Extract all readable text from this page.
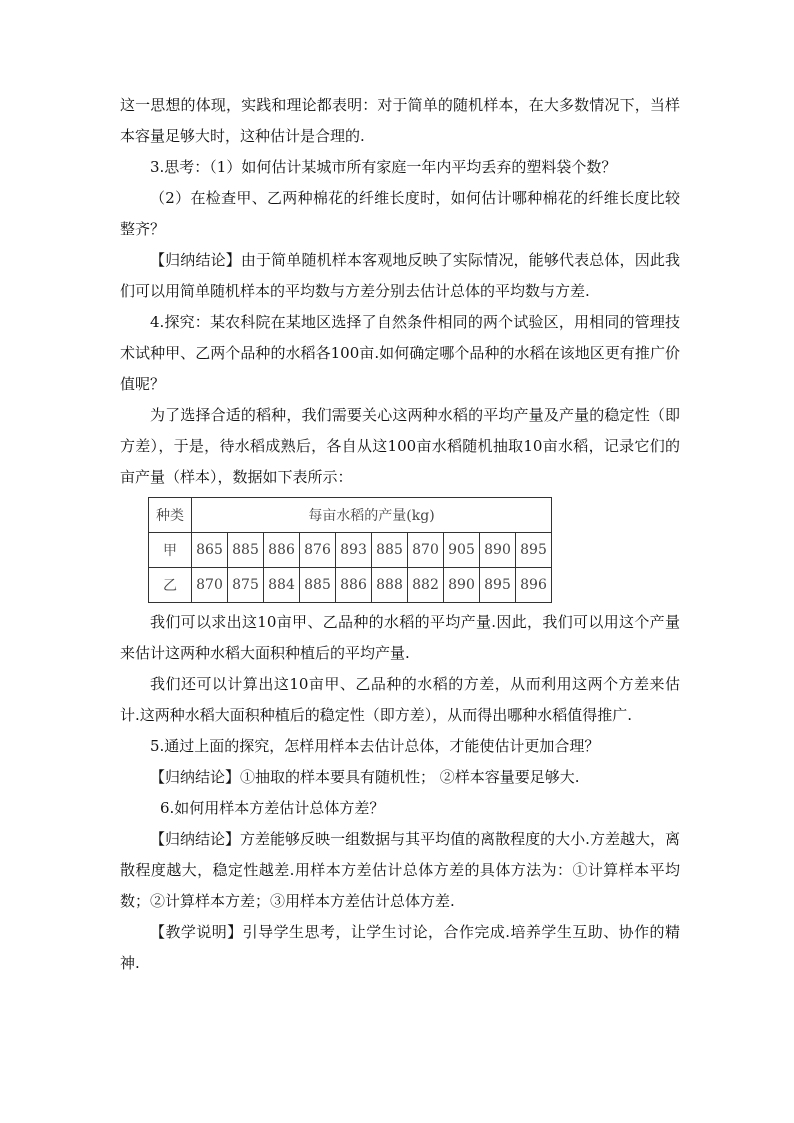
这一思想的体现，实践和理论都表明：对于简单的随机样本，在大多数情况下，当样本容量足够大时，这种估计是合理的.

3.思考：（1）如何估计某城市所有家庭一年内平均丢弃的塑料袋个数？

（2）在检查甲、乙两种棉花的纤维长度时，如何估计哪种棉花的纤维长度比较整齐？

【归纳结论】由于简单随机样本客观地反映了实际情况，能够代表总体，因此我们可以用简单随机样本的平均数与方差分别去估计总体的平均数与方差.

4.探究：某农科院在某地区选择了自然条件相同的两个试验区，用相同的管理技术试种甲、乙两个品种的水稻各100亩.如何确定哪个品种的水稻在该地区更有推广价值呢？

为了选择合适的稻种，我们需要关心这两种水稻的平均产量及产量的稳定性（即方差），于是，待水稻成熟后，各自从这100亩水稻随机抽取10亩水稻，记录它们的亩产量（样本），数据如下表所示：

种类	每亩水稻的产量(kg)									
甲	865	885	886	876	893	885	870	905	890	895
乙	870	875	884	885	886	888	882	890	895	896

我们可以求出这10亩甲、乙品种的水稻的平均产量.因此，我们可以用这个产量来估计这两种水稻大面积种植后的平均产量.

我们还可以计算出这10亩甲、乙品种的水稻的方差，从而利用这两个方差来估计.这两种水稻大面积种植后的稳定性（即方差），从而得出哪种水稻值得推广.

5.通过上面的探究，怎样用样本去估计总体，才能使估计更加合理？

【归纳结论】①抽取的样本要具有随机性； ②样本容量要足够大.

6.如何用样本方差估计总体方差？

【归纳结论】方差能够反映一组数据与其平均值的离散程度的大小.方差越大，离散程度越大，稳定性越差.用样本方差估计总体方差的具体方法为：①计算样本平均数；②计算样本方差；③用样本方差估计总体方差.

【教学说明】引导学生思考，让学生讨论，合作完成.培养学生互助、协作的精神.
